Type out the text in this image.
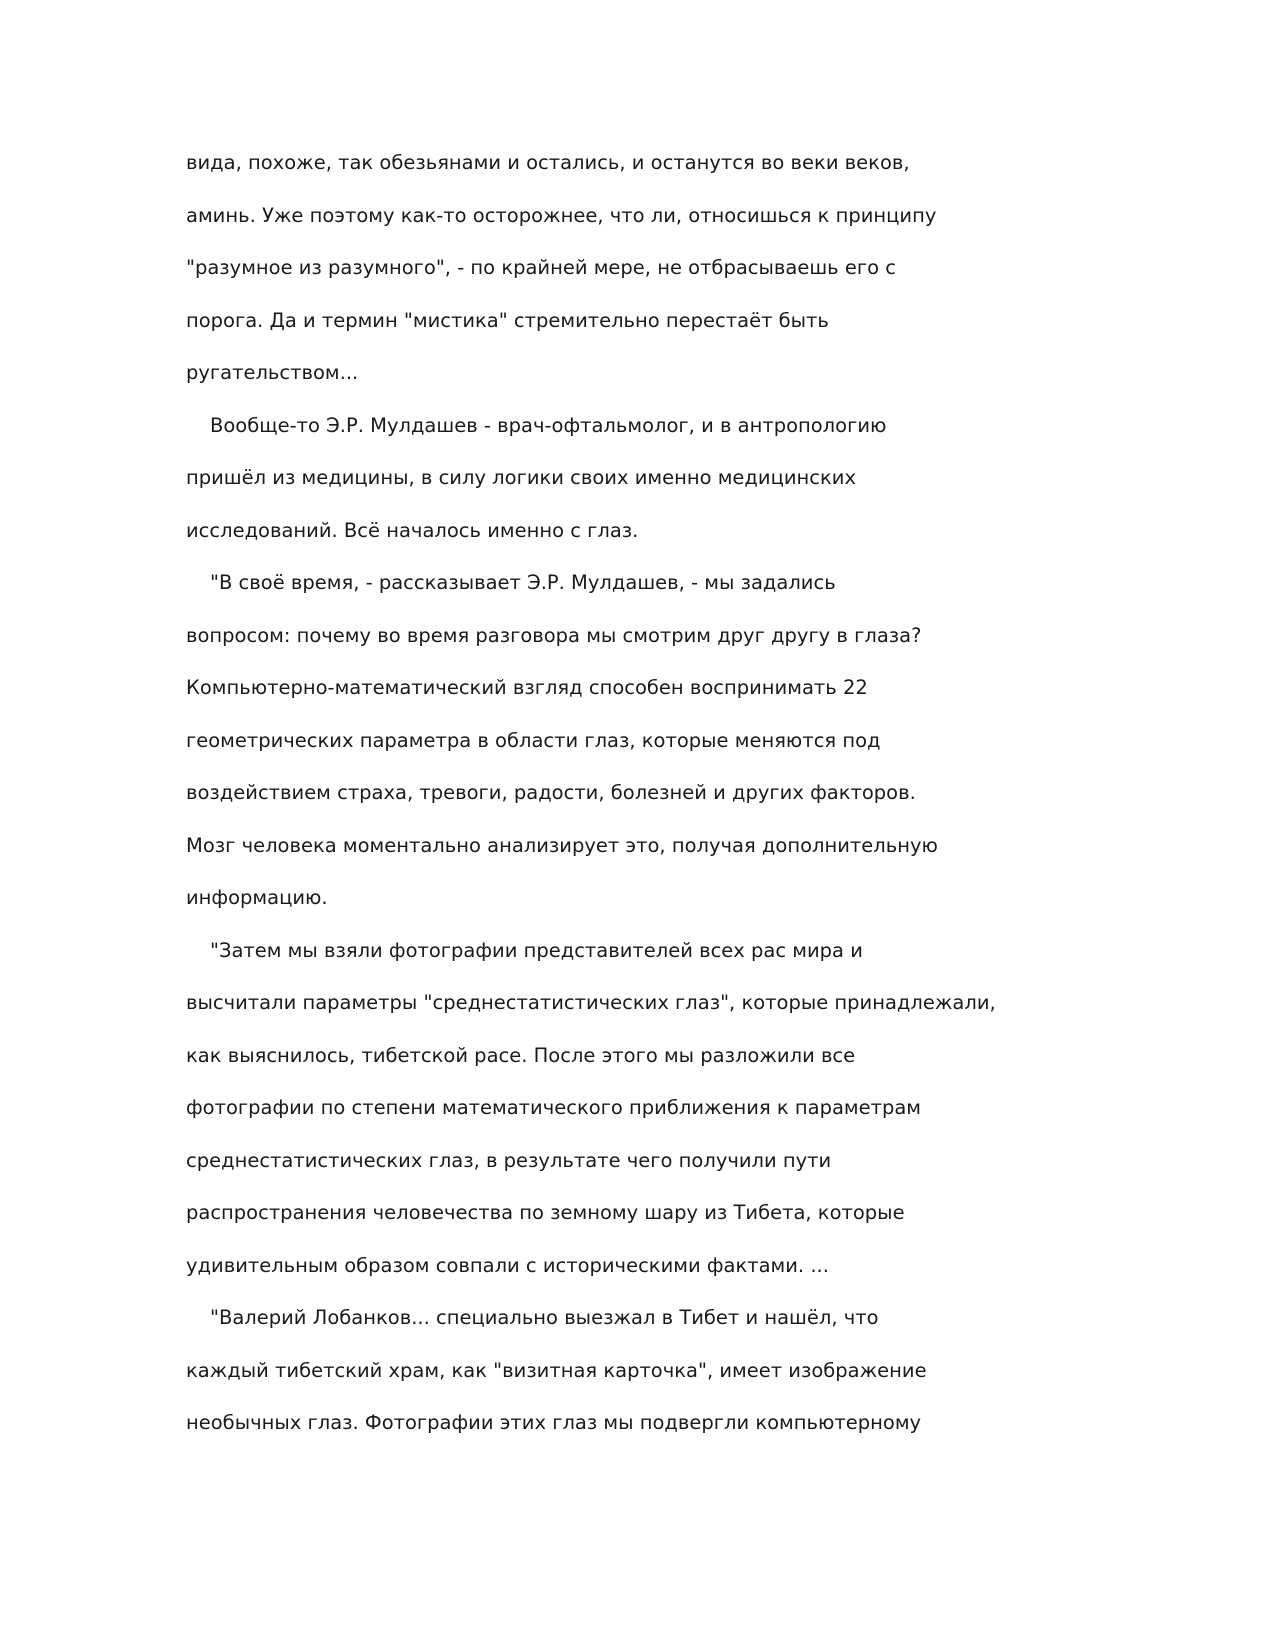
вида, похоже, так обезьянами и остались, и останутся во веки веков,
аминь. Уже поэтому как-то осторожнее, что ли, относишься к принципу
"разумное из разумного", - по крайней мере, не отбрасываешь его с
порога. Да и термин "мистика" стремительно перестаёт быть
ругательством...
Вообще-то Э.Р. Мулдашев - врач-офтальмолог, и в антропологию
пришёл из медицины, в силу логики своих именно медицинских
исследований. Всё началось именно с глаз.
"В своё время, - рассказывает Э.Р. Мулдашев, - мы задались
вопросом: почему во время разговора мы смотрим друг другу в глаза?
Компьютерно-математический взгляд способен воспринимать 22
геометрических параметра в области глаз, которые меняются под
воздействием страха, тревоги, радости, болезней и других факторов.
Мозг человека моментально анализирует это, получая дополнительную
информацию.
"Затем мы взяли фотографии представителей всех рас мира и
высчитали параметры "среднестатистических глаз", которые принадлежали,
как выяснилось, тибетской расе. После этого мы разложили все
фотографии по степени математического приближения к параметрам
среднестатистических глаз, в результате чего получили пути
распространения человечества по земному шару из Тибета, которые
удивительным образом совпали с историческими фактами. ...
"Валерий Лобанков... специально выезжал в Тибет и нашёл, что
каждый тибетский храм, как "визитная карточка", имеет изображение
необычных глаз. Фотографии этих глаз мы подвергли компьютерному
